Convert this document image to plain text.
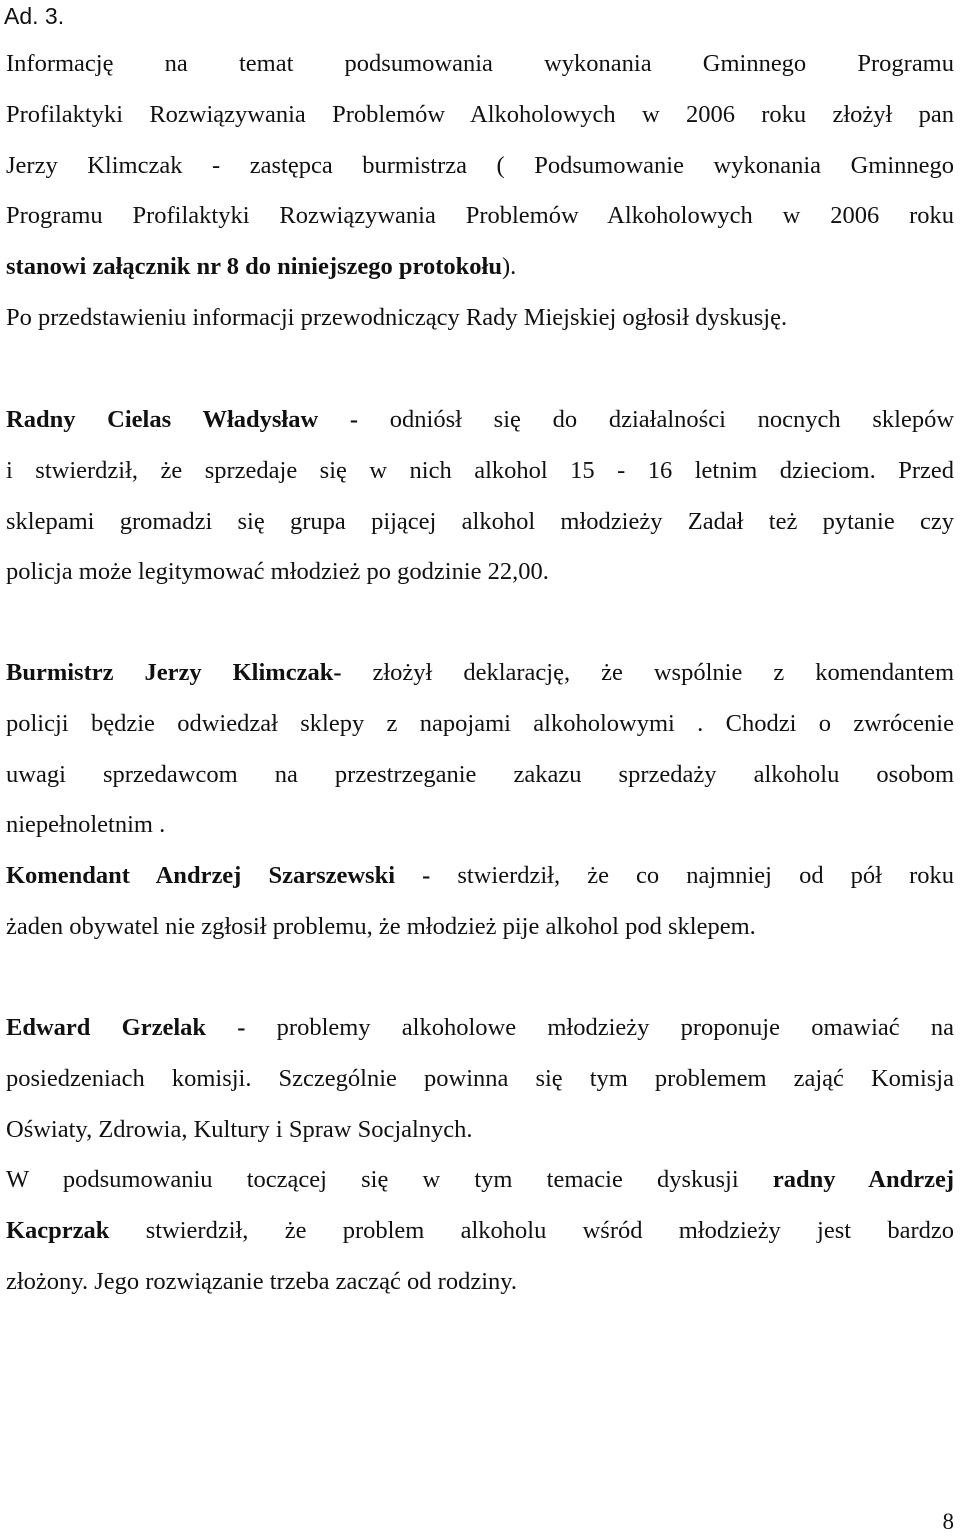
Ad. 3.
Informację na temat podsumowania wykonania Gminnego Programu
Profilaktyki Rozwiązywania Problemów Alkoholowych w 2006 roku złożył pan
Jerzy Klimczak - zastępca burmistrza ( Podsumowanie wykonania Gminnego
Programu Profilaktyki Rozwiązywania Problemów Alkoholowych w 2006 roku
stanowi załącznik nr 8 do niniejszego protokołu).
Po przedstawieniu informacji przewodniczący Rady Miejskiej ogłosił dyskusję.
Radny Cielas Władysław - odniósł się do działalności nocnych sklepów
i stwierdził, że sprzedaje się w nich alkohol 15 - 16 letnim dzieciom. Przed
sklepami gromadzi się grupa pijącej alkohol młodzieży Zadał też pytanie czy
policja może legitymować młodzież po godzinie 22,00.
Burmistrz Jerzy Klimczak- złożył deklarację, że wspólnie z komendantem
policji będzie odwiedzał sklepy z napojami alkoholowymi . Chodzi o zwrócenie
uwagi sprzedawcom na przestrzeganie zakazu sprzedaży alkoholu osobom
niepełnoletnim .
Komendant Andrzej Szarszewski - stwierdził, że co najmniej od pół roku
żaden obywatel nie zgłosił problemu, że młodzież pije alkohol pod sklepem.
Edward Grzelak - problemy alkoholowe młodzieży proponuje omawiać na
posiedzeniach komisji. Szczególnie powinna się tym problemem zająć Komisja
Oświaty, Zdrowia, Kultury i Spraw Socjalnych.
W podsumowaniu toczącej się w tym temacie dyskusji radny Andrzej
Kacprzak stwierdził, że problem alkoholu wśród młodzieży jest bardzo
złożony. Jego rozwiązanie trzeba zacząć od rodziny.
8
